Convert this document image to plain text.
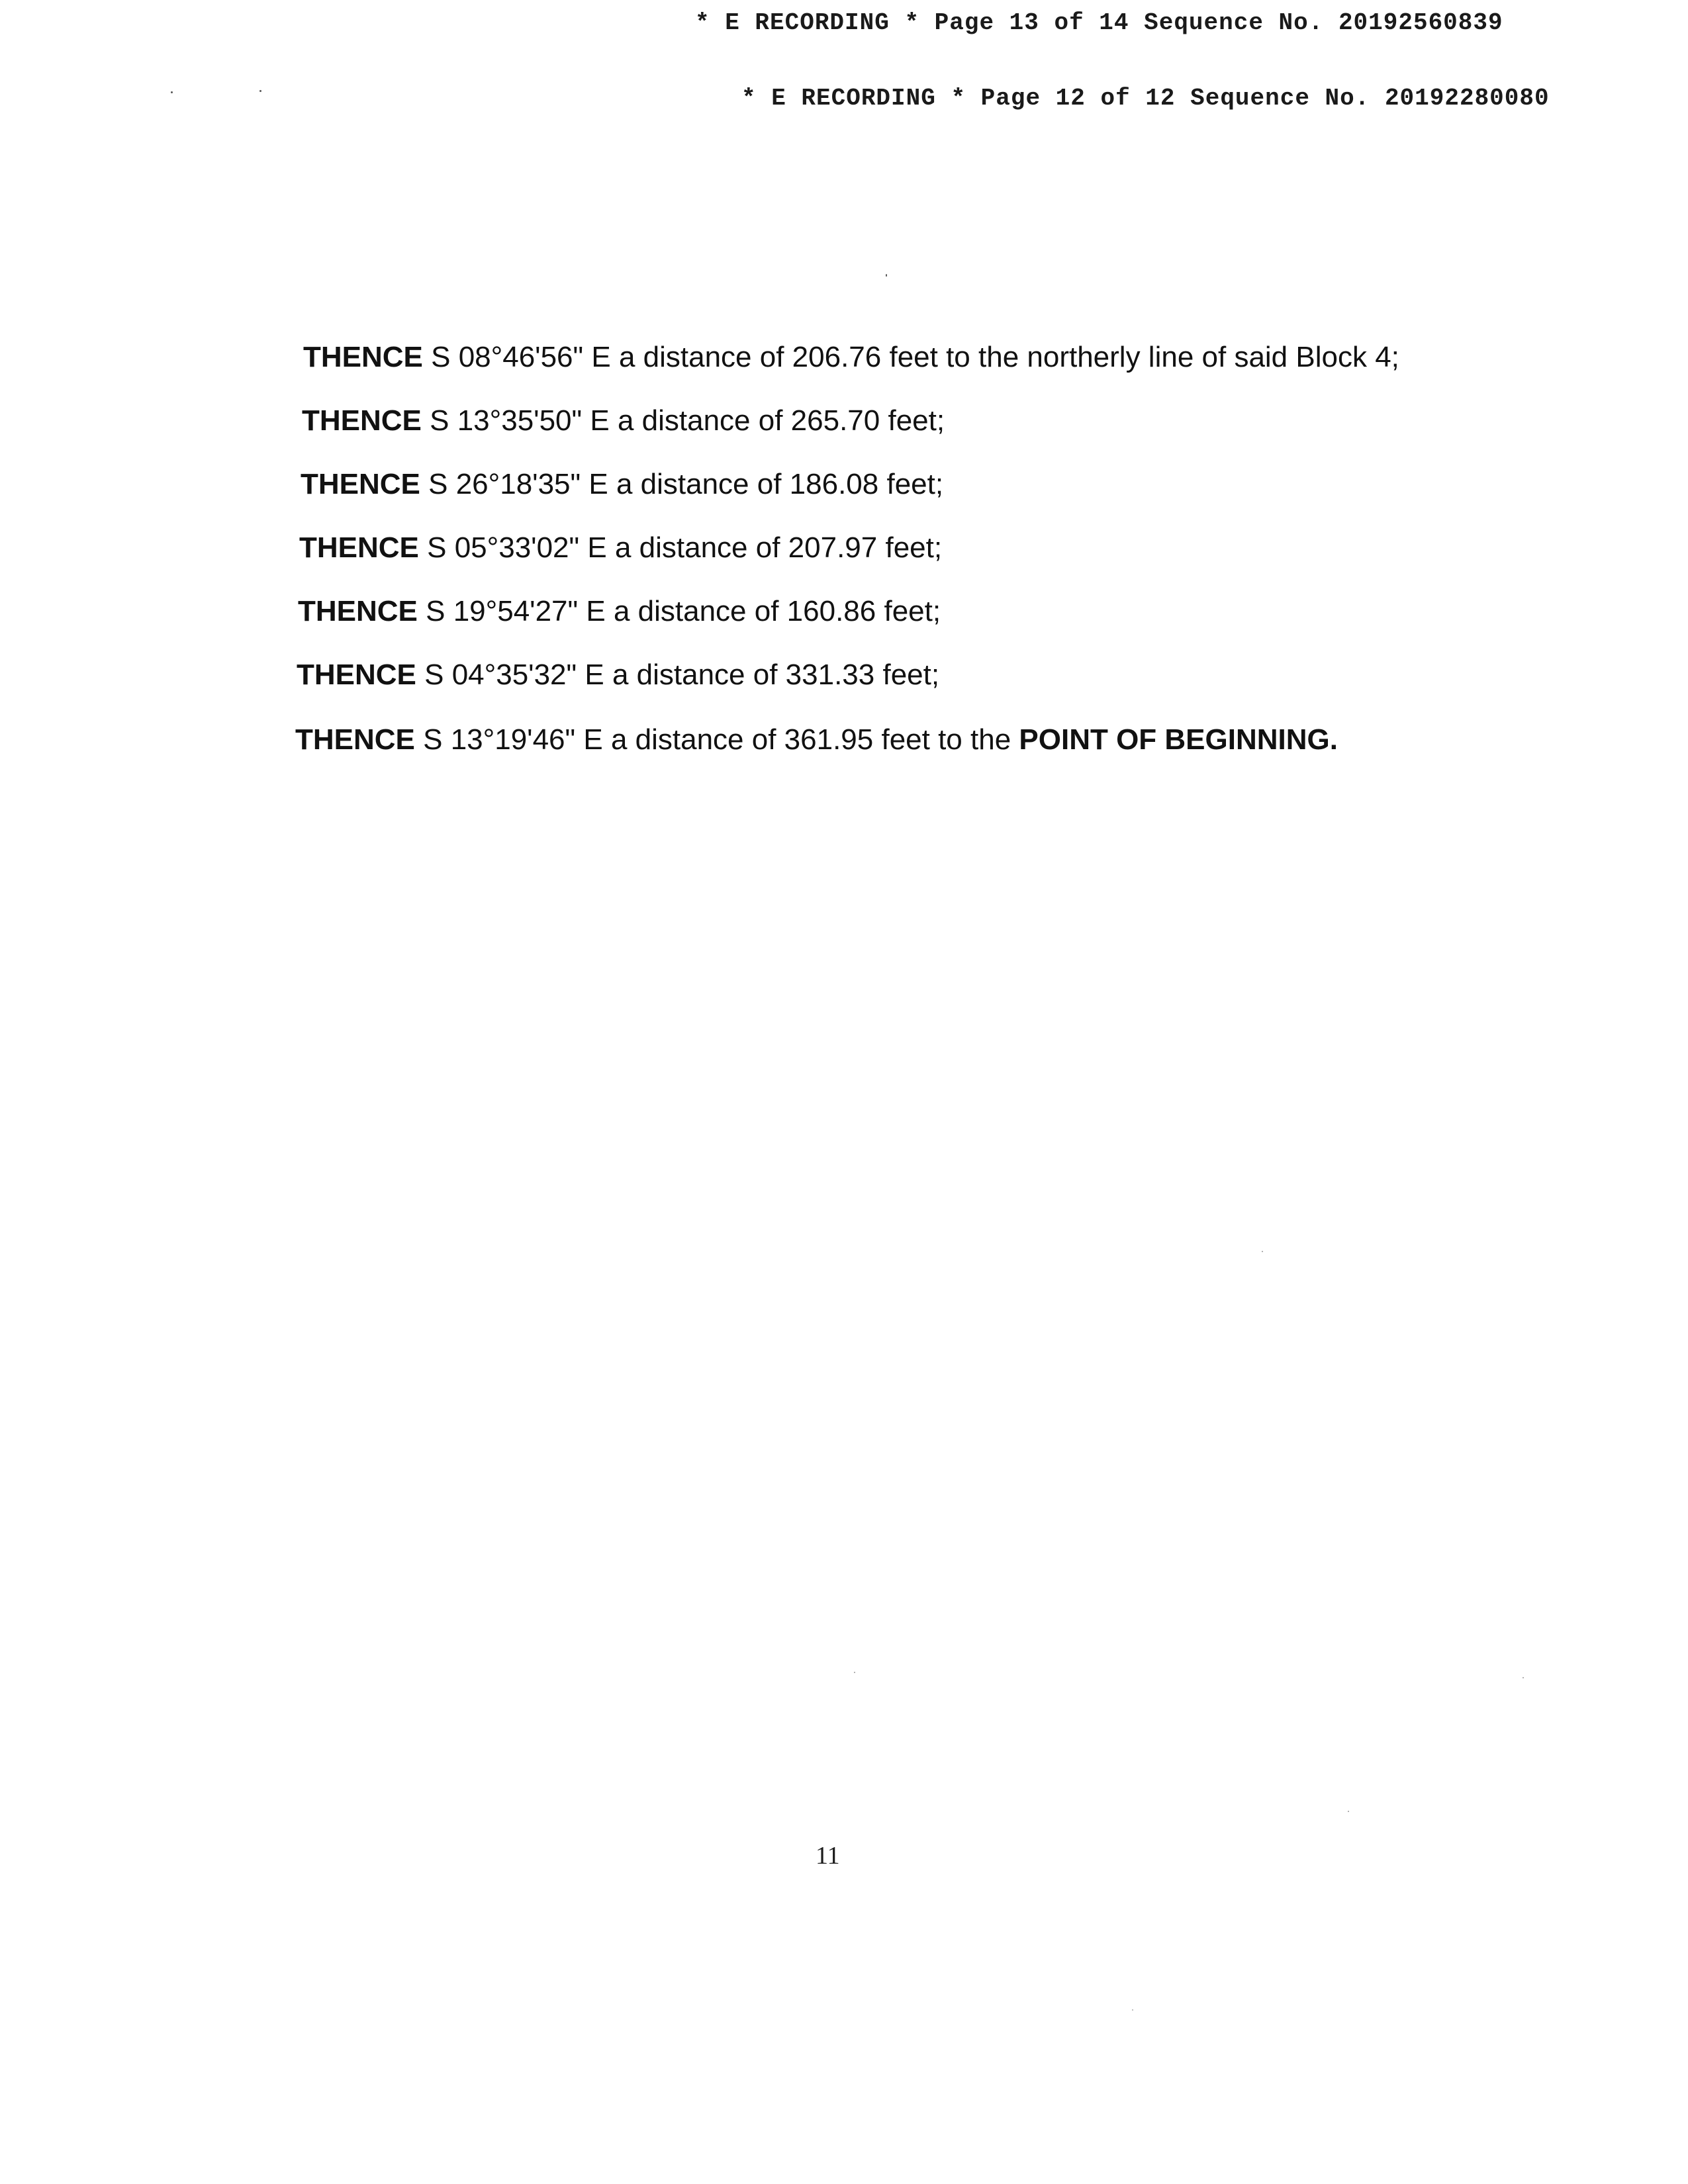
* E RECORDING * Page 13 of 14 Sequence No. 20192560839
* E RECORDING * Page 12 of 12 Sequence No. 20192280080
THENCE S 08°46'56" E a distance of 206.76 feet to the northerly line of said Block 4;
THENCE S 13°35'50" E a distance of 265.70 feet;
THENCE S 26°18'35" E a distance of 186.08 feet;
THENCE S 05°33'02" E a distance of 207.97 feet;
THENCE S 19°54'27" E a distance of 160.86 feet;
THENCE S 04°35'32" E a distance of 331.33 feet;
THENCE S 13°19'46" E a distance of 361.95 feet to the POINT OF BEGINNING.
11
